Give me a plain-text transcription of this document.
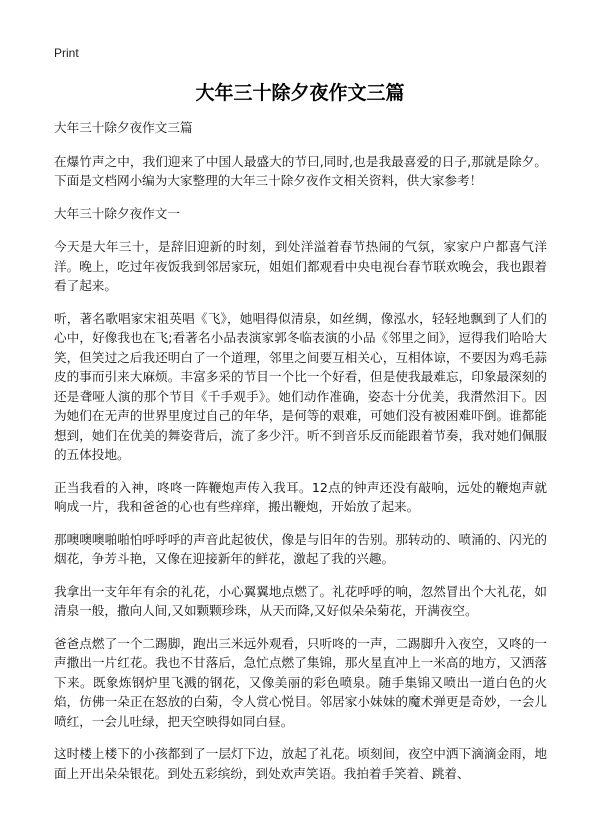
Print
大年三十除夕夜作文三篇

大年三十除夕夜作文三篇

在爆竹声之中，我们迎来了中国人最盛大的节曰,同时,也是我最喜爱的日子,那就是除夕。下面是文档网小编为大家整理的大年三十除夕夜作文相关资料，供大家参考！

大年三十除夕夜作文一

今天是大年三十，是辞旧迎新的时刻，到处洋溢着春节热闹的气氛，家家户户都喜气洋洋。晚上，吃过年夜饭我到邻居家玩，姐姐们都观看中央电视台春节联欢晚会，我也跟着看了起来。

听，著名歌唱家宋祖英唱《飞》，她唱得似清泉，如丝绸，像泓水，轻轻地飘到了人们的心中，好像我也在飞;看著名小品表演家郭冬临表演的小品《邻里之间》，逗得我们哈哈大笑，但笑过之后我还明白了一个道理，邻里之间要互相关心，互相体谅，不要因为鸡毛蒜皮的事而引来大麻烦。丰富多采的节目一个比一个好看，但是使我最难忘，印象最深刻的还是聋哑人演的那个节目《千手观手》。她们动作准确，姿态十分优美，我潸然泪下。因为她们在无声的世界里度过自己的年华，是何等的艰难，可她们没有被困难吓倒。谁都能想到，她们在优美的舞姿背后，流了多少汗。听不到音乐反而能跟着节奏，我对她们佩服的五体投地。

正当我看的入神，咚咚一阵鞭炮声传入我耳。12点的钟声还没有敲响，远处的鞭炮声就响成一片，我和爸爸的心也有些痒痒，搬出鞭炮，开始放了起来。

那噢噢噢啪啪怕呼呼呼的声音此起彼伏，像是与旧年的告别。那转动的、喷涌的、闪光的烟花，争芳斗艳，又像在迎接新年的鲜花，激起了我的兴趣。

我拿出一支年年有余的礼花，小心翼翼地点燃了。礼花呼呼的响，忽然冒出个大礼花，如清泉一般，撒向人间,又如颗颗珍珠，从天而降,又好似朵朵菊花，开满夜空。

爸爸点燃了一个二踢脚，跑出三米远外观看，只听咚的一声，二踢脚升入夜空，又咚的一声撒出一片红花。我也不甘落后，急忙点燃了集锦，那火星直冲上一米高的地方，又洒落下来。既象炼钢炉里飞溅的钢花，又像美丽的彩色喷泉。随手集锦又喷出一道白色的火焰，仿佛一朵正在怒放的白菊，令人赏心悦目。邻居家小妹妹的魔术弹更是奇妙，一会儿喷红，一会儿吐绿，把天空映得如同白昼。

这时楼上楼下的小孩都到了一层灯下边，放起了礼花。顷刻间，夜空中洒下滴滴金雨，地面上开出朵朵银花。到处五彩缤纷，到处欢声笑语。我拍着手笑着、跳着、
